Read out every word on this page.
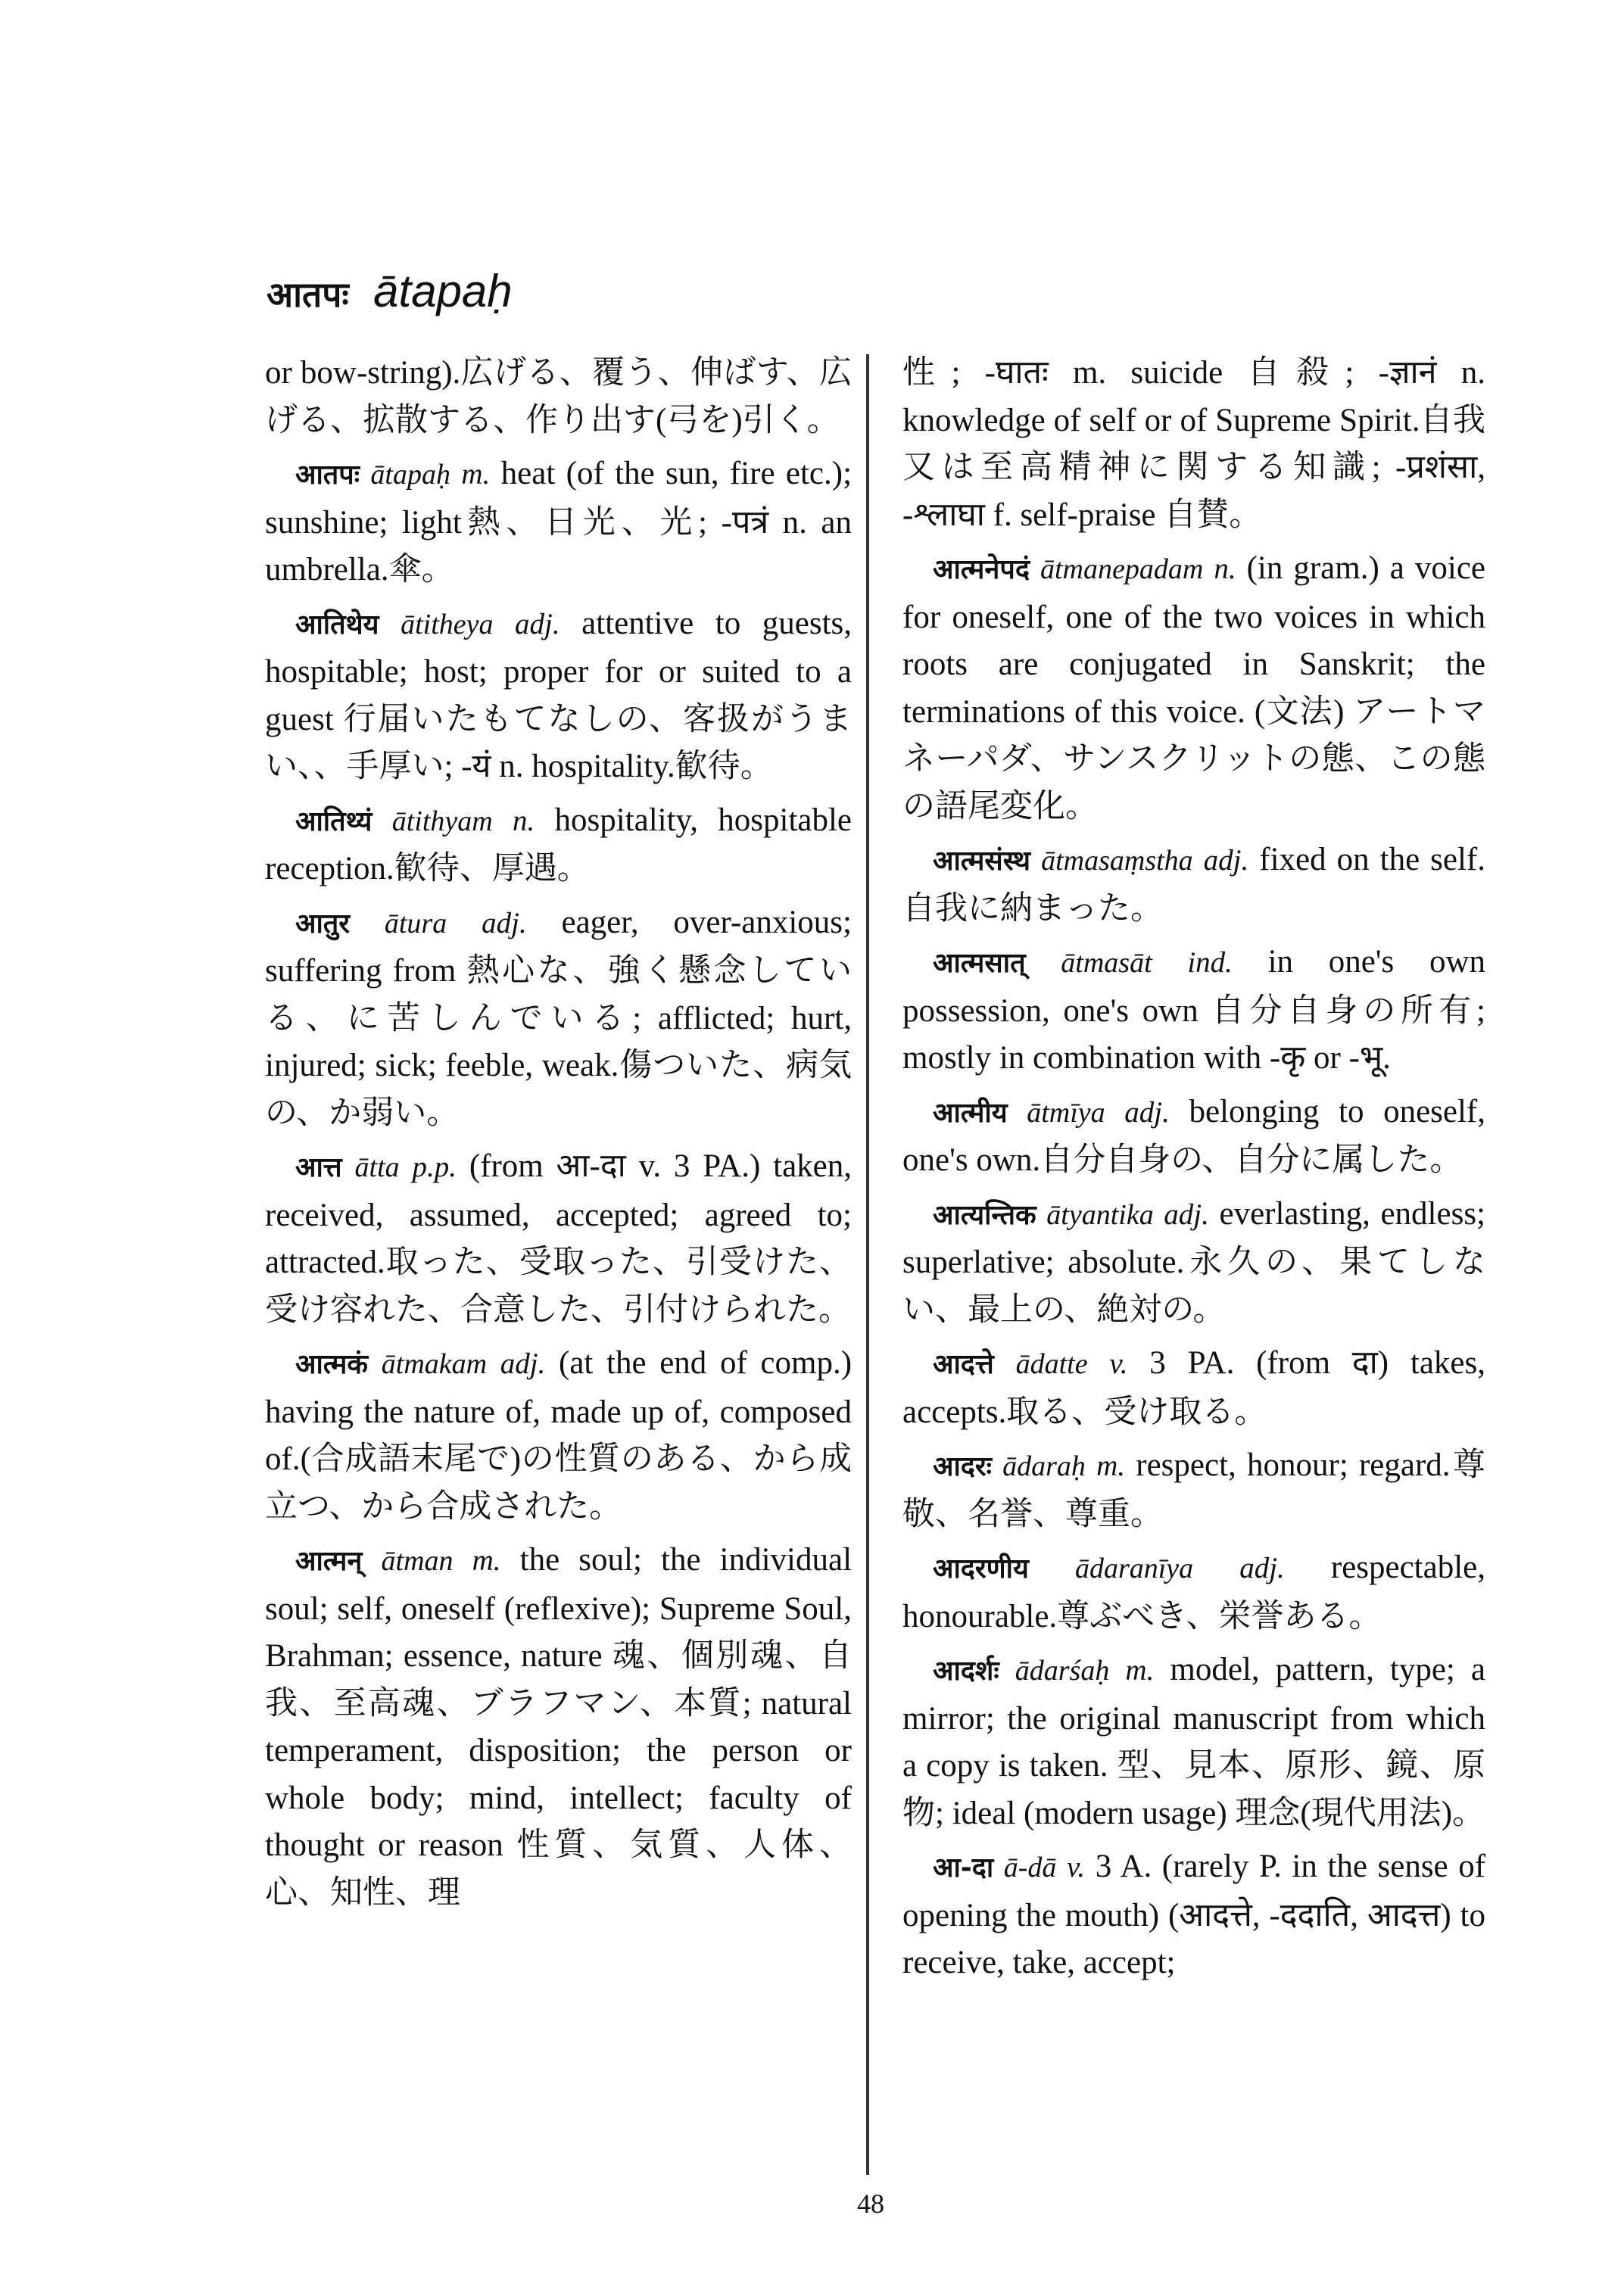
आतपः ātapaḥ

or bow-string).広げる、覆う、伸ばす、広げる、拡散する、作り出す(弓を)引く。

आतपः ātapaḥ m. heat (of the sun, fire etc.); sunshine; light熱、日光、光; -पत्रं n. an umbrella.傘。

आतिथेय ātitheya adj. attentive to guests, hospitable; host; proper for or suited to a guest 行届いたもてなしの、客扱がうまい、、手厚い; -यं n. hospitality.歓待。

आतिथ्यं ātithyam n. hospitality, hospitable reception.歓待、厚遇。

आतुर ātura adj. eager, over-anxious; suffering from 熱心な、強く懸念している、に苦しんでいる; afflicted; hurt, injured; sick; feeble, weak.傷ついた、病気の、か弱い。

आत्त ātta p.p. (from आ-दा v. 3 PA.) taken, received, assumed, accepted; agreed to; attracted.取った、受取った、引受けた、受け容れた、合意した、引付けられた。

आत्मकं ātmakam adj. (at the end of comp.) having the nature of, made up of, composed of.(合成語末尾で)の性質のある、から成立つ、から合成された。

आत्मन् ātman m. the soul; the individual soul; self, oneself (reflexive); Supreme Soul, Brahman; essence, nature 魂、個別魂、自我、至高魂、ブラフマン、本質; natural temperament, disposition; the person or whole body; mind, intellect; faculty of thought or reason 性質、気質、人体、心、知性、理

性; -घातः m. suicide 自殺; -ज्ञानं n. knowledge of self or of Supreme Spirit.自我又は至高精神に関する知識; -प्रशंसा, -श्लाघा f. self-praise 自賛。

आत्मनेपदं ātmanepadam n. (in gram.) a voice for oneself, one of the two voices in which roots are conjugated in Sanskrit; the terminations of this voice. (文法) アートマネーパダ、サンスクリットの態、この態の語尾変化。

आत्मसंस्थ ātmasaṃstha adj. fixed on the self.自我に納まった。

आत्मसात् ātmasāt ind. in one's own possession, one's own 自分自身の所有; mostly in combination with -कृ or -भू.

आत्मीय ātmīya adj. belonging to oneself, one's own.自分自身の、自分に属した。

आत्यन्तिक ātyantika adj. everlasting, endless; superlative; absolute.永久の、果てしない、最上の、絶対の。

आदत्ते ādatte v. 3 PA. (from दा) takes, accepts.取る、受け取る。

आदरः ādaraḥ m. respect, honour; regard.尊敬、名誉、尊重。

आदरणीय ādaranīya adj. respectable, honourable.尊ぶべき、栄誉ある。

आदर्शः ādarśaḥ m. model, pattern, type; a mirror; the original manuscript from which a copy is taken. 型、見本、原形、鏡、原物; ideal (modern usage) 理念(現代用法)。

आ-दा ā-dā v. 3 A. (rarely P. in the sense of opening the mouth) (आदत्ते, -ददाति, आदत्त) to receive, take, accept;

48
